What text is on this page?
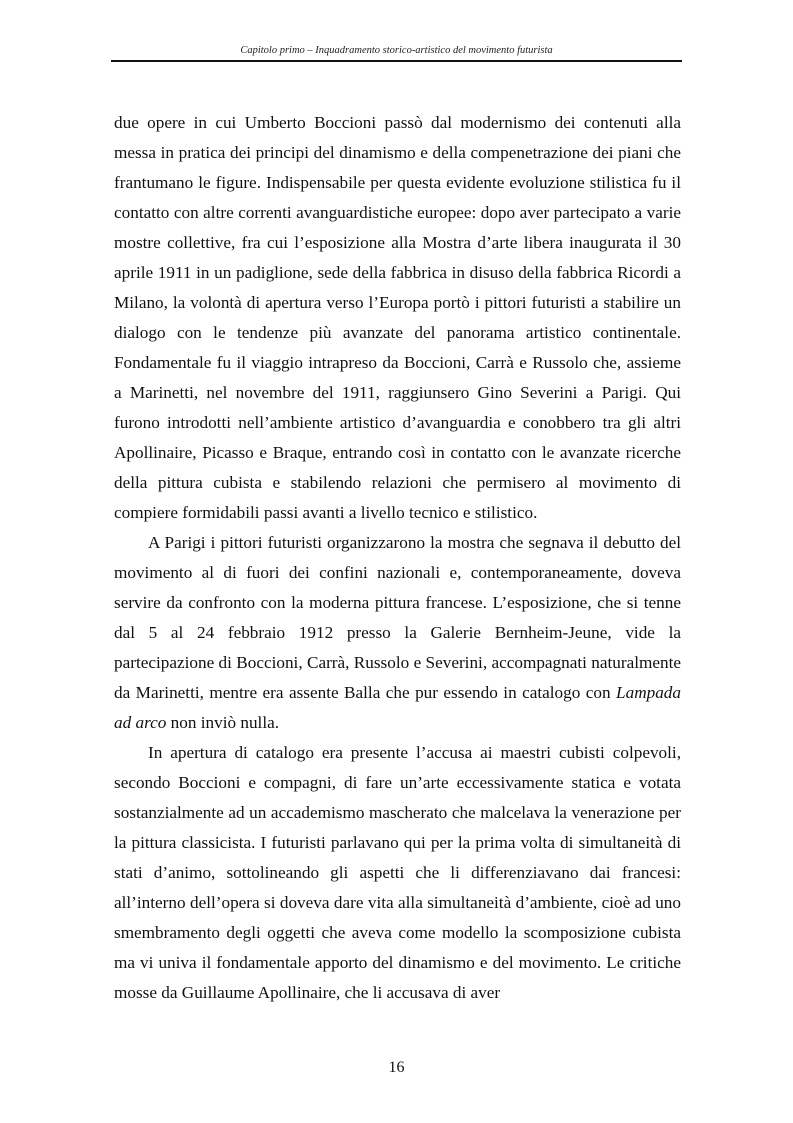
Capitolo primo – Inquadramento storico-artistico del movimento futurista

due opere in cui Umberto Boccioni passò dal modernismo dei contenuti alla messa in pratica dei principi del dinamismo e della compenetrazione dei piani che frantumano le figure. Indispensabile per questa evidente evoluzione stilistica fu il contatto con altre correnti avanguardistiche europee: dopo aver partecipato a varie mostre collettive, fra cui l’esposizione alla Mostra d’arte libera inaugurata il 30 aprile 1911 in un padiglione, sede della fabbrica in disuso della fabbrica Ricordi a Milano, la volontà di apertura verso l’Europa portò i pittori futuristi a stabilire un dialogo con le tendenze più avanzate del panorama artistico continentale. Fondamentale fu il viaggio intrapreso da Boccioni, Carrà e Russolo che, assieme a Marinetti, nel novembre del 1911, raggiunsero Gino Severini a Parigi. Qui furono introdotti nell’ambiente artistico d’avanguardia e conobbero tra gli altri Apollinaire, Picasso e Braque, entrando così in contatto con le avanzate ricerche della pittura cubista e stabilendo relazioni che permisero al movimento di compiere formidabili passi avanti a livello tecnico e stilistico.

A Parigi i pittori futuristi organizzarono la mostra che segnava il debutto del movimento al di fuori dei confini nazionali e, contemporaneamente, doveva servire da confronto con la moderna pittura francese. L’esposizione, che si tenne dal 5 al 24 febbraio 1912 presso la Galerie Bernheim-Jeune, vide la partecipazione di Boccioni, Carrà, Russolo e Severini, accompagnati naturalmente da Marinetti, mentre era assente Balla che pur essendo in catalogo con Lampada ad arco non inviò nulla.

In apertura di catalogo era presente l’accusa ai maestri cubisti colpevoli, secondo Boccioni e compagni, di fare un’arte eccessivamente statica e votata sostanzialmente ad un accademismo mascherato che malcelava la venerazione per la pittura classicista. I futuristi parlavano qui per la prima volta di simultaneità di stati d’animo, sottolineando gli aspetti che li differenziavano dai francesi: all’interno dell’opera si doveva dare vita alla simultaneità d’ambiente, cioè ad uno smembramento degli oggetti che aveva come modello la scomposizione cubista ma vi univa il fondamentale apporto del dinamismo e del movimento. Le critiche mosse da Guillaume Apollinaire, che li accusava di aver

16
